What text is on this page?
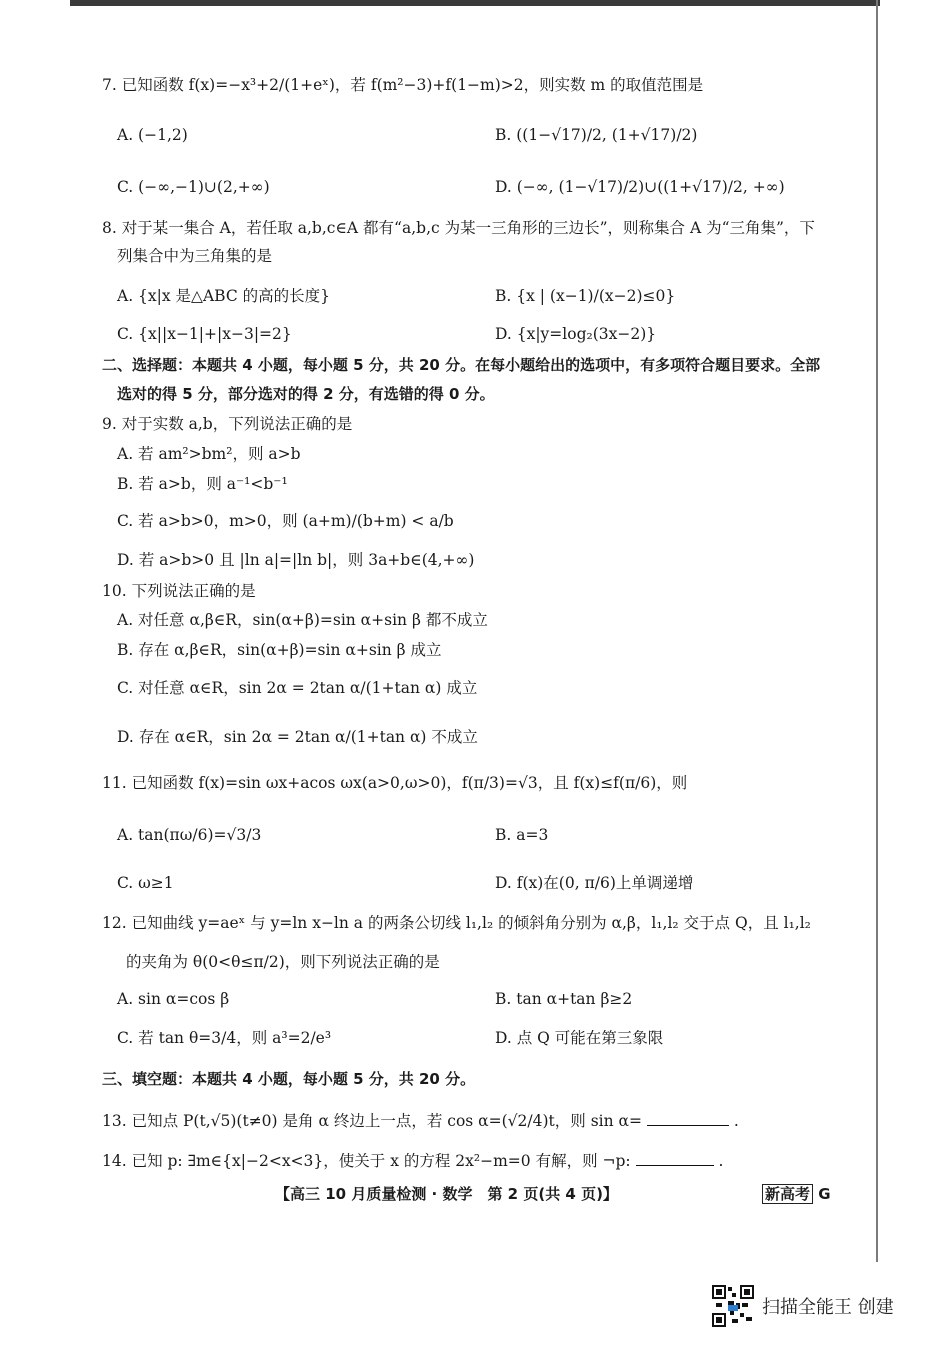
7. 已知函数 f(x)=−x³+2/(1+eˣ)，若 f(m²−3)+f(1−m)>2，则实数 m 的取值范围是
A. (−1,2)	B. ((1−√17)/2, (1+√17)/2)
C. (−∞,−1)∪(2,+∞)	D. (−∞, (1−√17)/2)∪((1+√17)/2, +∞)
8. 对于某一集合 A，若任取 a,b,c∈A 都有“a,b,c 为某一三角形的三边长”，则称集合 A 为“三角集”，下
列集合中为三角集的是
A. {x|x 是△ABC 的高的长度}	B. {x | (x−1)/(x−2)≤0}
C. {x||x−1|+|x−3|=2}	D. {x|y=log₂(3x−2)}
二、选择题：本题共 4 小题，每小题 5 分，共 20 分。在每小题给出的选项中，有多项符合题目要求。全部
选对的得 5 分，部分选对的得 2 分，有选错的得 0 分。
9. 对于实数 a,b，下列说法正确的是
A. 若 am²>bm²，则 a>b
B. 若 a>b，则 a⁻¹<b⁻¹
C. 若 a>b>0，m>0，则 (a+m)/(b+m) < a/b
D. 若 a>b>0 且 |ln a|=|ln b|，则 3a+b∈(4,+∞)
10. 下列说法正确的是
A. 对任意 α,β∈R，sin(α+β)=sin α+sin β 都不成立
B. 存在 α,β∈R，sin(α+β)=sin α+sin β 成立
C. 对任意 α∈R，sin 2α = 2tan α/(1+tan α) 成立
D. 存在 α∈R，sin 2α = 2tan α/(1+tan α) 不成立
11. 已知函数 f(x)=sin ωx+acos ωx(a>0,ω>0)，f(π/3)=√3，且 f(x)≤f(π/6)，则
A. tan(πω/6)=√3/3	B. a=3
C. ω≥1	D. f(x)在(0, π/6)上单调递增
12. 已知曲线 y=aeˣ 与 y=ln x−ln a 的两条公切线 l₁,l₂ 的倾斜角分别为 α,β，l₁,l₂ 交于点 Q，且 l₁,l₂
的夹角为 θ(0<θ≤π/2)，则下列说法正确的是
A. sin α=cos β	B. tan α+tan β≥2
C. 若 tan θ=3/4，则 a³=2/e³	D. 点 Q 可能在第三象限
三、填空题：本题共 4 小题，每小题 5 分，共 20 分。
13. 已知点 P(t,√5)(t≠0) 是角 α 终边上一点，若 cos α=(√2/4)t，则 sin α=	.
14. 已知 p: ∃m∈{x|−2<x<3}，使关于 x 的方程 2x²−m=0 有解，则 ¬p:	.
【高三 10 月质量检测 · 数学　第 2 页(共 4 页)】	新高考 G
扫描全能王 创建
